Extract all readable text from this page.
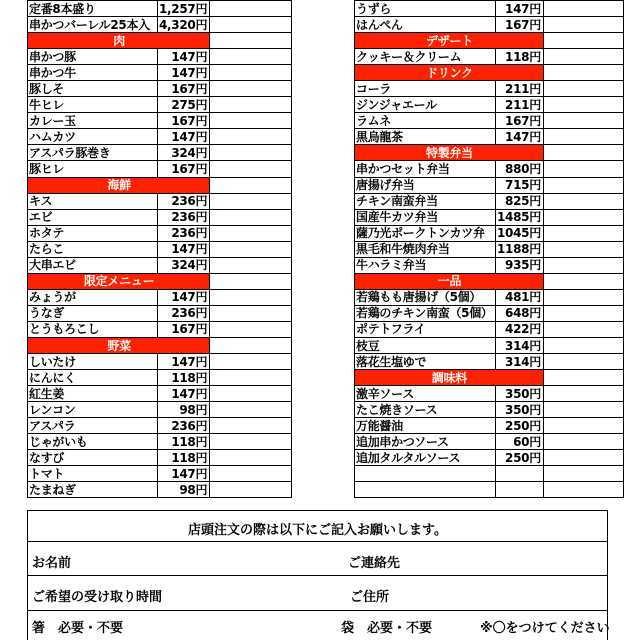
定番8本盛り	1,257円	
串かつバーレル25本入	4,320円	
肉		
串かつ豚	147円	
串かつ牛	147円	
豚しそ	167円	
牛ヒレ	275円	
カレー玉	167円	
ハムカツ	147円	
アスパラ豚巻き	324円	
豚ヒレ	167円	
海鮮		
キス	236円	
エビ	236円	
ホタテ	236円	
たらこ	147円	
大串エビ	324円	
限定メニュー		
みょうが	147円	
うなぎ	236円	
とうもろこし	167円	
野菜		
しいたけ	147円	
にんにく	118円	
紅生姜	147円	
レンコン	98円	
アスパラ	236円	
じゃがいも	118円	
なすび	118円	
トマト	147円	
たまねぎ	98円	
うずら	147円	
はんぺん	167円	
デザート		
クッキー＆クリーム	118円	
ドリンク		
コーラ	211円	
ジンジャエール	211円	
ラムネ	167円	
黒烏龍茶	147円	
特製弁当		
串かつセット弁当	880円	
唐揚げ弁当	715円	
チキン南蛮弁当	825円	
国産牛カツ弁当	1485円	
薩乃光ポークトンカツ弁	1045円	
黒毛和牛焼肉弁当	1188円	
牛ハラミ弁当	935円	
一品		
若鶏もも唐揚げ（5個）	481円	
若鶏のチキン南蛮（5個）	648円	
ポテトフライ	422円	
枝豆	314円	
落花生塩ゆで	314円	
調味料		
激辛ソース	350円	
たこ焼きソース	350円	
万能醤油	250円	
追加串かつソース	60円	
追加タルタルソース	250円	

店頭注文の際は以下にご記入お願いします。
お名前	ご連絡先
ご希望の受け取り時間	ご住所
箸　必要・不要	袋　必要・不要	※〇をつけてください
